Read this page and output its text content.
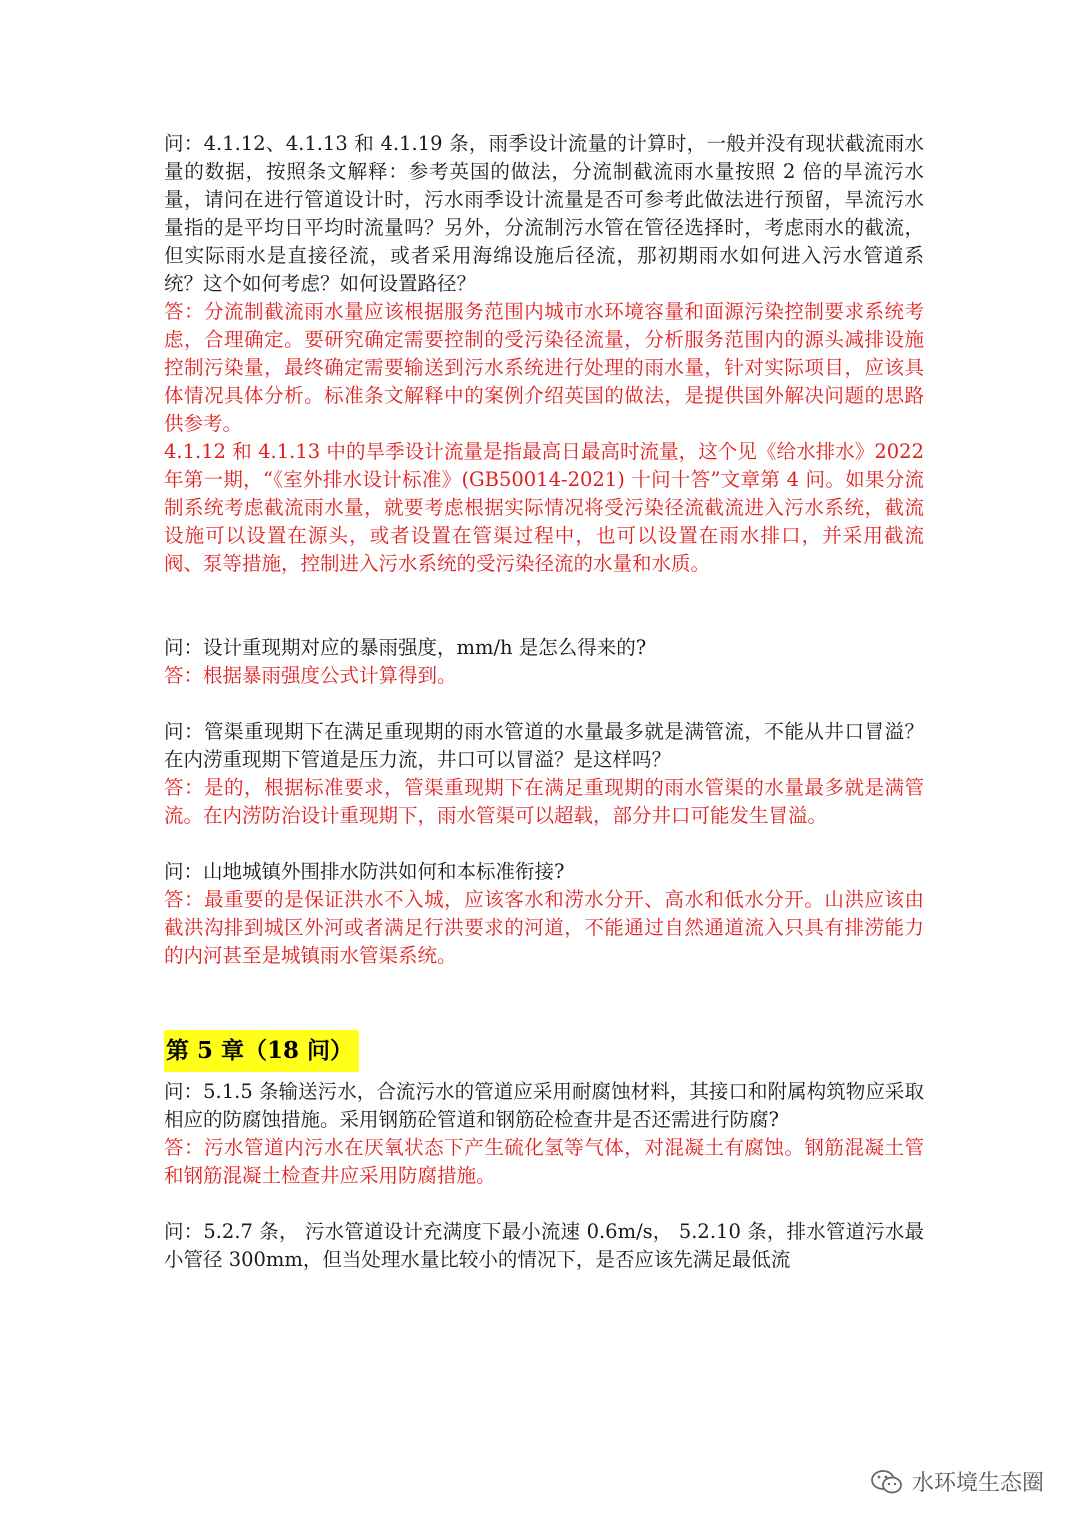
问：4.1.12、4.1.13 和 4.1.19 条，雨季设计流量的计算时，一般并没有现状截流雨水量的数据，按照条文解释：参考英国的做法，分流制截流雨水量按照 2 倍的旱流污水量，请问在进行管道设计时，污水雨季设计流量是否可参考此做法进行预留，旱流污水量指的是平均日平均时流量吗？另外，分流制污水管在管径选择时，考虑雨水的截流，但实际雨水是直接径流，或者采用海绵设施后径流，那初期雨水如何进入污水管道系统？这个如何考虑？如何设置路径？

答：分流制截流雨水量应该根据服务范围内城市水环境容量和面源污染控制要求系统考虑，合理确定。要研究确定需要控制的受污染径流量，分析服务范围内的源头减排设施控制污染量，最终确定需要输送到污水系统进行处理的雨水量，针对实际项目，应该具体情况具体分析。标准条文解释中的案例介绍英国的做法，是提供国外解决问题的思路供参考。

4.1.12 和 4.1.13 中的旱季设计流量是指最高日最高时流量，这个见《给水排水》2022 年第一期，“《室外排水设计标准》(GB50014-2021) 十问十答”文章第 4 问。如果分流制系统考虑截流雨水量，就要考虑根据实际情况将受污染径流截流进入污水系统，截流设施可以设置在源头，或者设置在管渠过程中，也可以设置在雨水排口，并采用截流阀、泵等措施，控制进入污水系统的受污染径流的水量和水质。

问：设计重现期对应的暴雨强度，mm/h 是怎么得来的?

答：根据暴雨强度公式计算得到。

问：管渠重现期下在满足重现期的雨水管道的水量最多就是满管流，不能从井口冒溢？在内涝重现期下管道是压力流，井口可以冒溢？是这样吗？

答：是的，根据标准要求，管渠重现期下在满足重现期的雨水管渠的水量最多就是满管流。在内涝防治设计重现期下，雨水管渠可以超载，部分井口可能发生冒溢。

问：山地城镇外围排水防洪如何和本标准衔接?

答：最重要的是保证洪水不入城，应该客水和涝水分开、高水和低水分开。山洪应该由截洪沟排到城区外河或者满足行洪要求的河道，不能通过自然通道流入只具有排涝能力的内河甚至是城镇雨水管渠系统。

第 5 章（18 问）

问：5.1.5 条输送污水，合流污水的管道应采用耐腐蚀材料，其接口和附属构筑物应采取相应的防腐蚀措施。采用钢筋砼管道和钢筋砼检查井是否还需进行防腐?

答：污水管道内污水在厌氧状态下产生硫化氢等气体，对混凝土有腐蚀。钢筋混凝土管和钢筋混凝土检查井应采用防腐措施。

问：5.2.7 条， 污水管道设计充满度下最小流速 0.6m/s， 5.2.10 条，排水管道污水最小管径 300mm，但当处理水量比较小的情况下，是否应该先满足最低流

水环境生态圈
